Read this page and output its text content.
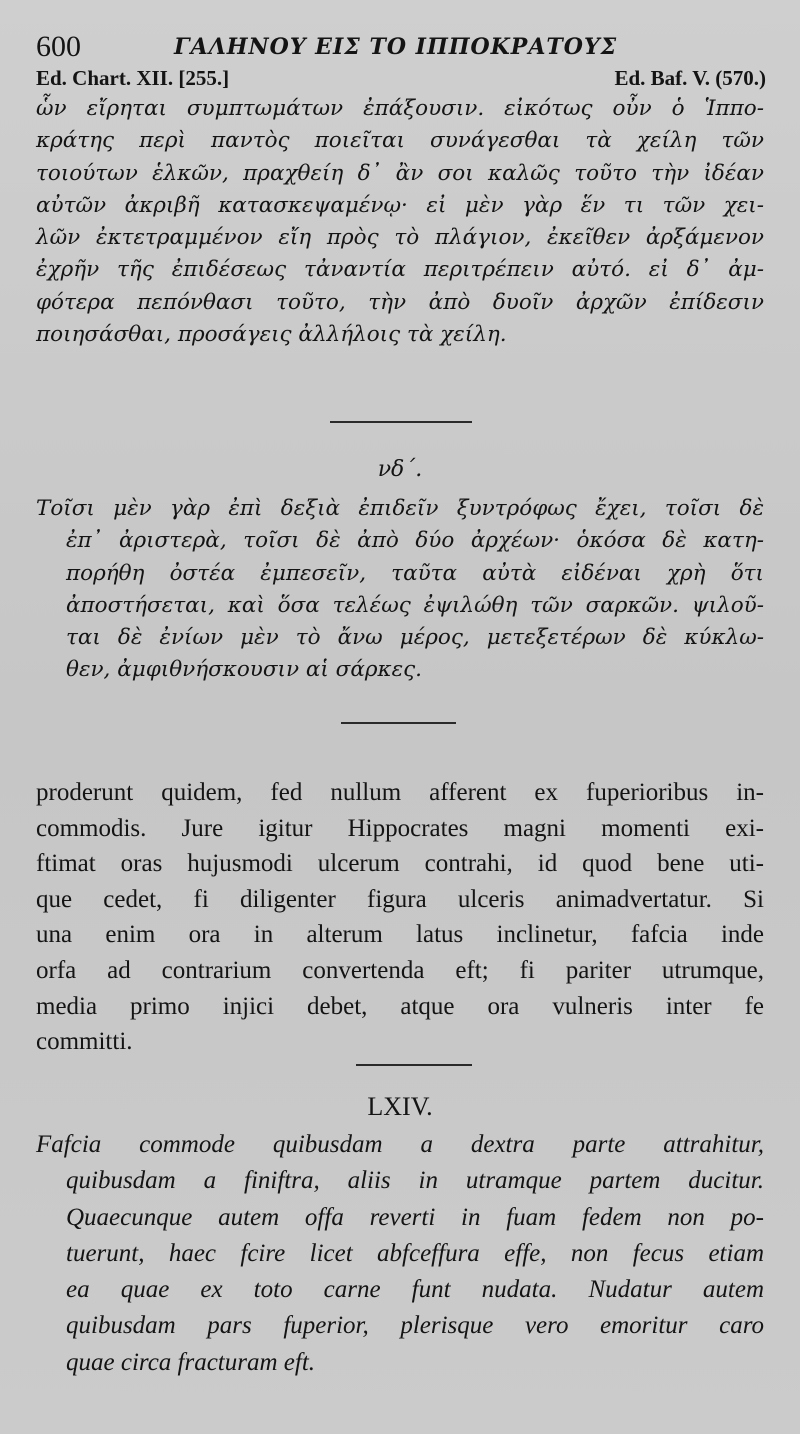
600	ΓΑΛΗΝΟΥ ΕΙΣ ΤΟ ΙΠΠΟΚΡΑΤΟΥΣ
Ed. Chart. XII. [255.]	Ed. Baf. V. (570.)
ὧν εἴρηται συμπτωμάτων ἐπάξουσιν. εἰκότως οὖν ὁ Ἱππο-
κράτης περὶ παντὸς ποιεῖται συνάγεσθαι τὰ χείλη τῶν
τοιούτων ἑλκῶν, πραχθείη δ᾽ ἂν σοι καλῶς τοῦτο τὴν ἰδέαν
αὐτῶν ἀκριβῆ κατασκεψαμένῳ· εἰ μὲν γὰρ ἕν τι τῶν χει-
λῶν ἐκτετραμμένον εἴη πρὸς τὸ πλάγιον, ἐκεῖθεν ἀρξάμενον
ἐχρῆν τῆς ἐπιδέσεως τἀναντία περιτρέπειν αὐτό. εἰ δ᾽ ἀμ-
φότερα πεπόνθασι τοῦτο, τὴν ἀπὸ δυοῖν ἀρχῶν ἐπίδεσιν
ποιησάσθαι, προσάγεις ἀλλήλοις τὰ χείλη.
νδ´.
Τοῖσι μὲν γὰρ ἐπὶ δεξιὰ ἐπιδεῖν ξυντρόφως ἔχει, τοῖσι δὲ
ἐπ᾽ ἀριστερὰ, τοῖσι δὲ ἀπὸ δύο ἀρχέων· ὁκόσα δὲ κατη-
πορήθη ὀστέα ἐμπεσεῖν, ταῦτα αὐτὰ εἰδέναι χρὴ ὅτι
ἀποστήσεται, καὶ ὅσα τελέως ἐψιλώθη τῶν σαρκῶν. ψιλοῦ-
ται δὲ ἐνίων μὲν τὸ ἄνω μέρος, μετεξετέρων δὲ κύκλω-
θεν, ἀμφιθνήσκουσιν αἱ σάρκες.
proderunt quidem, fed nullum afferent ex fuperioribus in-
commodis. Jure igitur Hippocrates magni momenti exi-
ftimat oras hujusmodi ulcerum contrahi, id quod bene uti-
que cedet, fi diligenter figura ulceris animadvertatur. Si
una enim ora in alterum latus inclinetur, fafcia inde
orfa ad contrarium convertenda eft; fi pariter utrumque,
media primo injici debet, atque ora vulneris inter fe
committi.
LXIV.
Fafcia commode quibusdam a dextra parte attrahitur,
quibusdam a finiftra, aliis in utramque partem ducitur.
Quaecunque autem offa reverti in fuam fedem non po-
tuerunt, haec fcire licet abfceffura effe, non fecus etiam
ea quae ex toto carne funt nudata. Nudatur autem
quibusdam pars fuperior, plerisque vero emoritur caro
quae circa fracturam eft.
